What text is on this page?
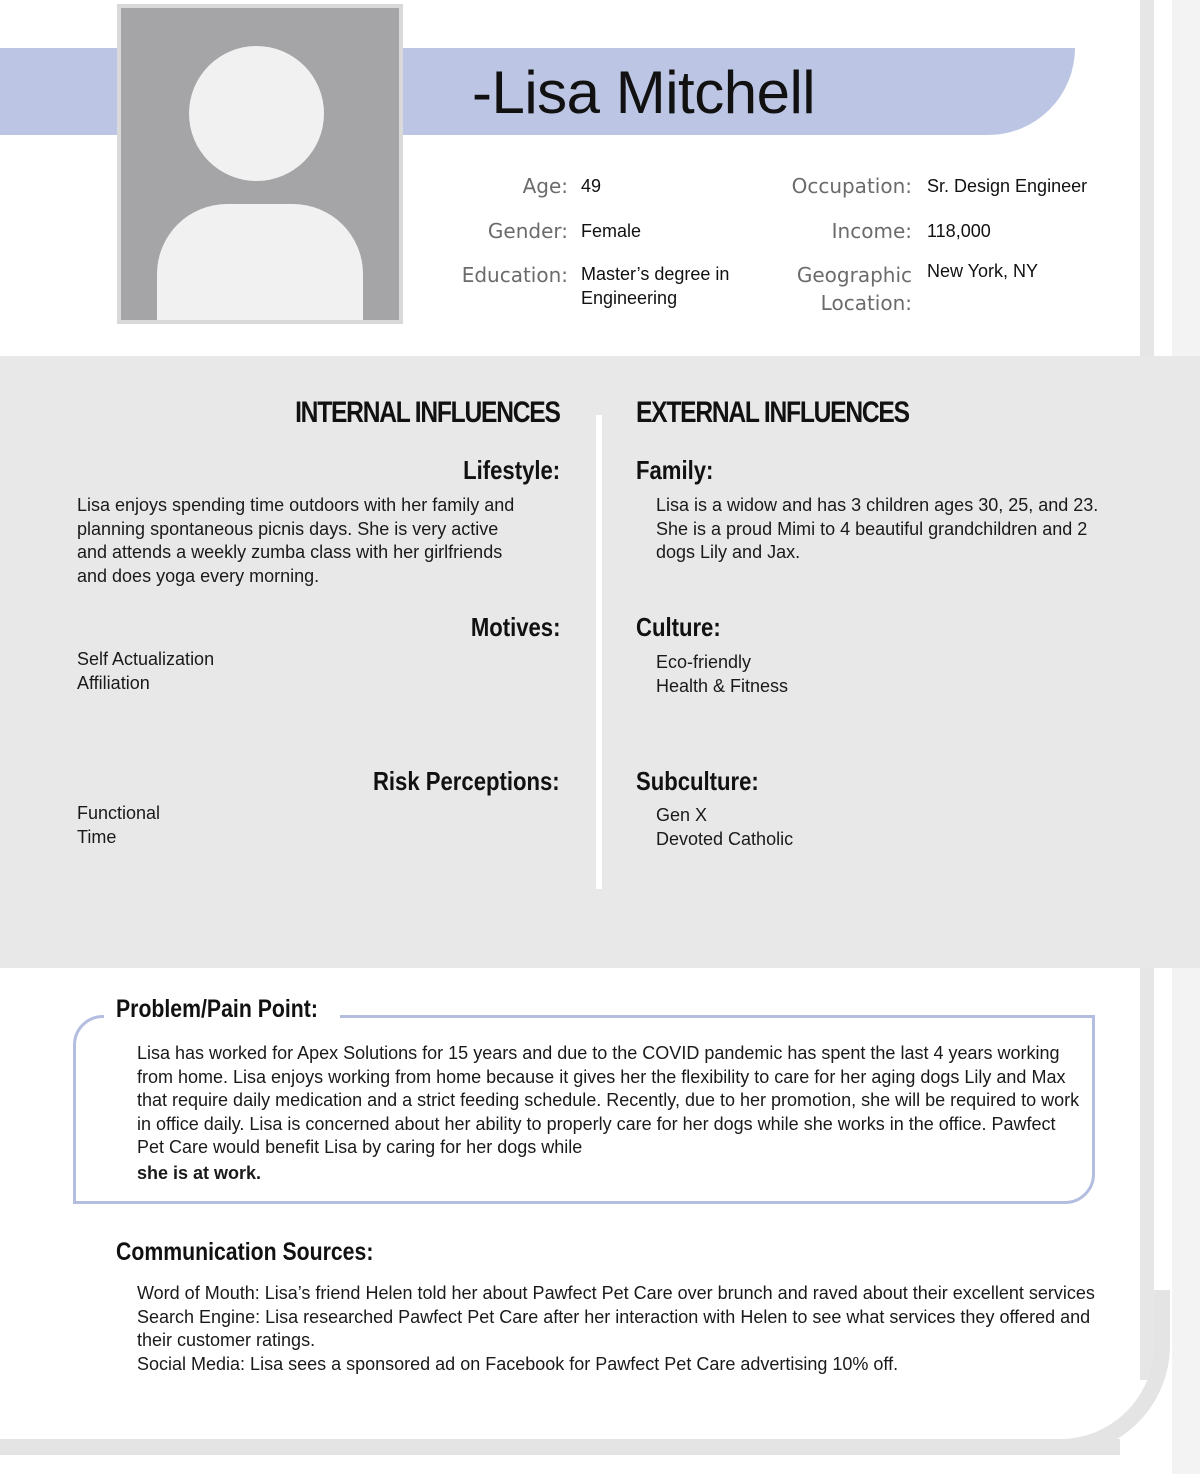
-Lisa Mitchell
Age: 49
Gender: Female
Education: Master’s degree in Engineering
Occupation: Sr. Design Engineer
Income: 118,000
Geographic
Location:
New York, NY
INTERNAL INFLUENCES
Lifestyle:
Lisa enjoys spending time outdoors with her family and planning spontaneous picnis days. She is very active and attends a weekly zumba class with her girlfriends and does yoga every morning.
Motives:
Self Actualization
Affiliation
Risk Perceptions:
Functional
Time
EXTERNAL INFLUENCES
Family:
Lisa is a widow and has 3 children ages 30, 25, and 23. She is a proud Mimi to 4 beautiful grandchildren and 2 dogs Lily and Jax.
Culture:
Eco-friendly
Health & Fitness
Subculture:
Gen X
Devoted Catholic
Problem/Pain Point:
Lisa has worked for Apex Solutions for 15 years and due to the COVID pandemic has spent the last 4 years working from home. Lisa enjoys working from home because it gives her the flexibility to care for her aging dogs Lily and Max that require daily medication and a strict feeding schedule. Recently, due to her promotion, she will be required to work in office daily. Lisa is concerned about her ability to properly care for her dogs while she works in the office. Pawfect Pet Care would benefit Lisa by caring for her dogs while
she is at work.
Communication Sources:
Word of Mouth: Lisa’s friend Helen told her about Pawfect Pet Care over brunch and raved about their excellent services
Search Engine: Lisa researched Pawfect Pet Care after her interaction with Helen to see what services they offered and their customer ratings.
Social Media: Lisa sees a sponsored ad on Facebook for Pawfect Pet Care advertising 10% off.
